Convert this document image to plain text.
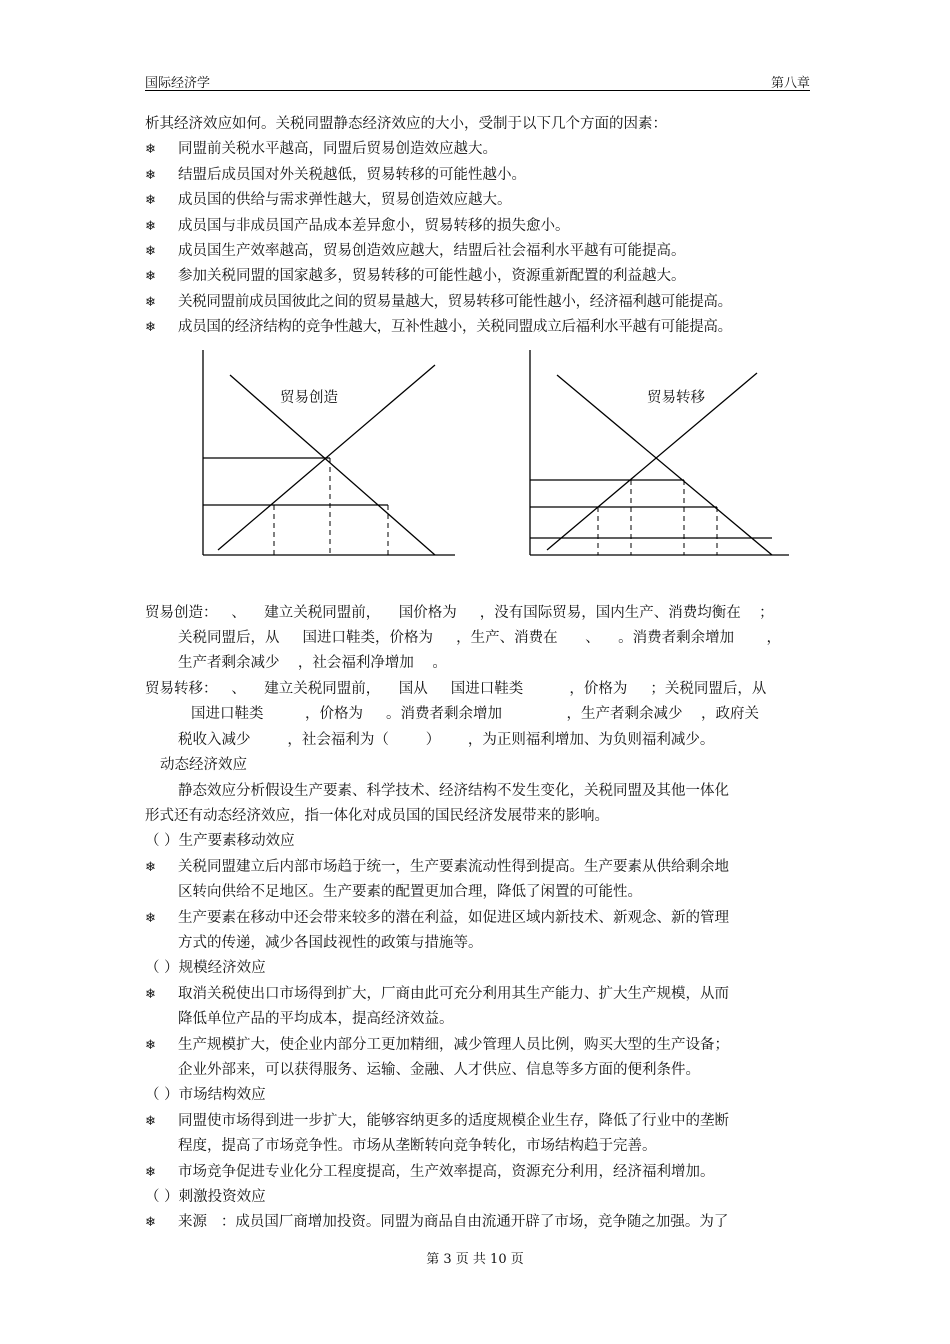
国际经济学	第八章

析其经济效应如何。关税同盟静态经济效应的大小，受制于以下几个方面的因素：

❄	同盟前关税水平越高，同盟后贸易创造效应越大。
❄	结盟后成员国对外关税越低，贸易转移的可能性越小。
❄	成员国的供给与需求弹性越大，贸易创造效应越大。
❄	成员国与非成员国产品成本差异愈小，贸易转移的损失愈小。
❄	成员国生产效率越高，贸易创造效应越大，结盟后社会福利水平越有可能提高。
❄	参加关税同盟的国家越多，贸易转移的可能性越小，资源重新配置的利益越大。
❄	关税同盟前成员国彼此之间的贸易量越大，贸易转移可能性越小，经济福利越可能提高。
❄	成员国的经济结构的竞争性越大，互补性越小，关税同盟成立后福利水平越有可能提高。
贸易创造	贸易转移

贸易创造：   、    建立关税同盟前，    国价格为     ，没有国际贸易，国内生产、消费均衡在    ；

关税同盟后，从     国进口鞋类，价格为     ，生产、消费在      、    。消费者剩余增加       ，

生产者剩余减少    ，社会福利净增加    。

贸易转移：   、    建立关税同盟前，    国从     国进口鞋类          ，价格为     ；关税同盟后，从

国进口鞋类         ，价格为     。消费者剩余增加              ，生产者剩余减少    ，政府关

税收入减少        ，社会福利为（        ）      ，为正则福利增加、为负则福利减少。

动态经济效应

静态效应分析假设生产要素、科学技术、经济结构不发生变化，关税同盟及其他一体化

形式还有动态经济效应，指一体化对成员国的国民经济发展带来的影响。

（ ）生产要素移动效应

❄	关税同盟建立后内部市场趋于统一，生产要素流动性得到提高。生产要素从供给剩余地
区转向供给不足地区。生产要素的配置更加合理，降低了闲置的可能性。
❄	生产要素在移动中还会带来较多的潜在利益，如促进区域内新技术、新观念、新的管理
方式的传递，减少各国歧视性的政策与措施等。

（ ）规模经济效应

❄	取消关税使出口市场得到扩大，厂商由此可充分利用其生产能力、扩大生产规模，从而
降低单位产品的平均成本，提高经济效益。
❄	生产规模扩大，使企业内部分工更加精细，减少管理人员比例，购买大型的生产设备；
企业外部来，可以获得服务、运输、金融、人才供应、信息等多方面的便利条件。

（ ）市场结构效应

❄	同盟使市场得到进一步扩大，能够容纳更多的适度规模企业生存，降低了行业中的垄断
程度，提高了市场竞争性。市场从垄断转向竞争转化，市场结构趋于完善。
❄	市场竞争促进专业化分工程度提高，生产效率提高，资源充分利用，经济福利增加。

（ ）刺激投资效应

❄	来源   ：成员国厂商增加投资。同盟为商品自由流通开辟了市场，竞争随之加强。为了
第 3 页 共 10 页
